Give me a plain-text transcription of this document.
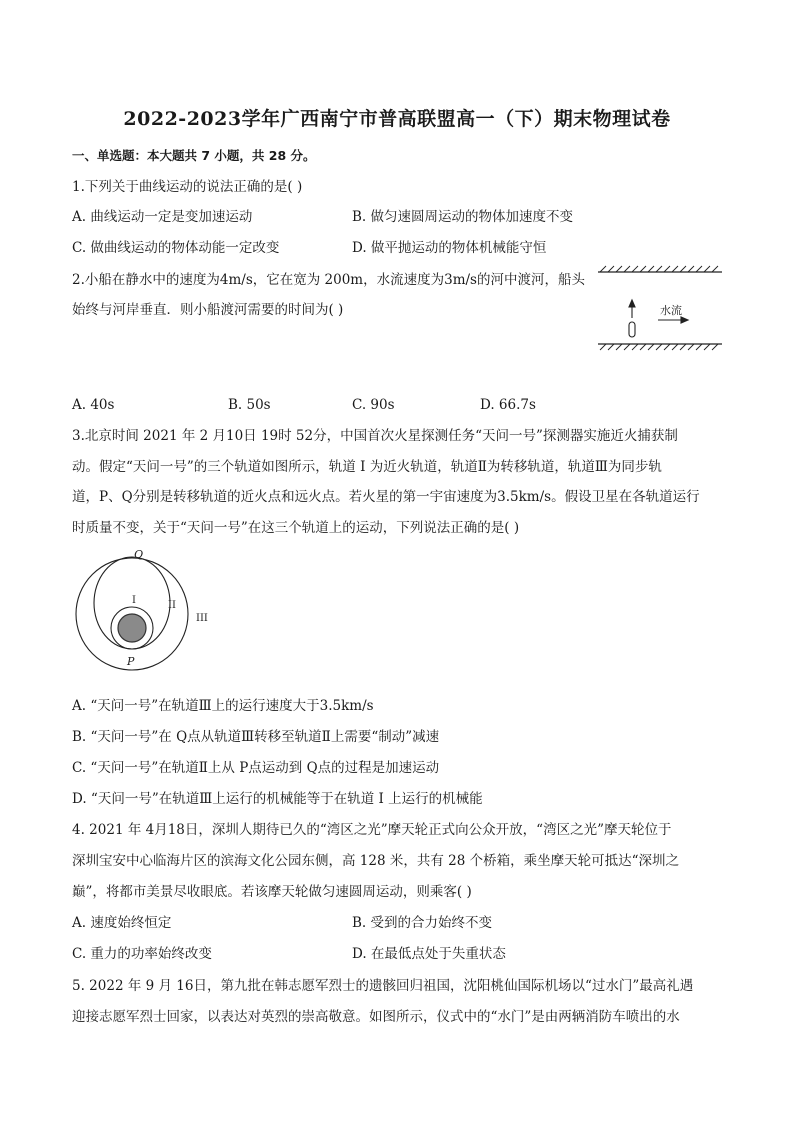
2022-2023学年广西南宁市普高联盟高一（下）期末物理试卷
一、单选题：本大题共 7 小题，共 28 分。
1.下列关于曲线运动的说法正确的是( )
A. 曲线运动一定是变加速运动	B. 做匀速圆周运动的物体加速度不变
C. 做曲线运动的物体动能一定改变	D. 做平抛运动的物体机械能守恒
2.小船在静水中的速度为4m/s，它在宽为 200m，水流速度为3m/s的河中渡河，船头
始终与河岸垂直．则小船渡河需要的时间为( )	水流
A. 40s	B. 50s	C. 90s	D. 66.7s
3.北京时间 2021 年 2 月10日 19时 52分，中国首次火星探测任务“天问一号”探测器实施近火捕获制
动。假定“天问一号”的三个轨道如图所示，轨道 I 为近火轨道，轨道Ⅱ为转移轨道，轨道Ⅲ为同步轨
道，P、Q分别是转移轨道的近火点和远火点。若火星的第一宇宙速度为3.5km/s。假设卫星在各轨道运行
时质量不变，关于“天问一号”在这三个轨道上的运动，下列说法正确的是( )
Q
P
I	II
III
A. “天问一号”在轨道Ⅲ上的运行速度大于3.5km/s
B. “天问一号”在 Q点从轨道Ⅲ转移至轨道Ⅱ上需要“制动”减速
C. “天问一号”在轨道Ⅱ上从 P点运动到 Q点的过程是加速运动
D. “天问一号”在轨道Ⅲ上运行的机械能等于在轨道 I 上运行的机械能
4. 2021 年 4月18日，深圳人期待已久的“湾区之光”摩天轮正式向公众开放，“湾区之光”摩天轮位于
深圳宝安中心临海片区的滨海文化公园东侧，高 128 米，共有 28 个桥箱，乘坐摩天轮可抵达“深圳之
巅”，将都市美景尽收眼底。若该摩天轮做匀速圆周运动，则乘客( )
A. 速度始终恒定	B. 受到的合力始终不变
C. 重力的功率始终改变	D. 在最低点处于失重状态
5. 2022 年 9 月 16日，第九批在韩志愿军烈士的遗骸回归祖国，沈阳桃仙国际机场以“过水门”最高礼遇
迎接志愿军烈士回家，以表达对英烈的崇高敬意。如图所示，仪式中的“水门”是由两辆消防车喷出的水
